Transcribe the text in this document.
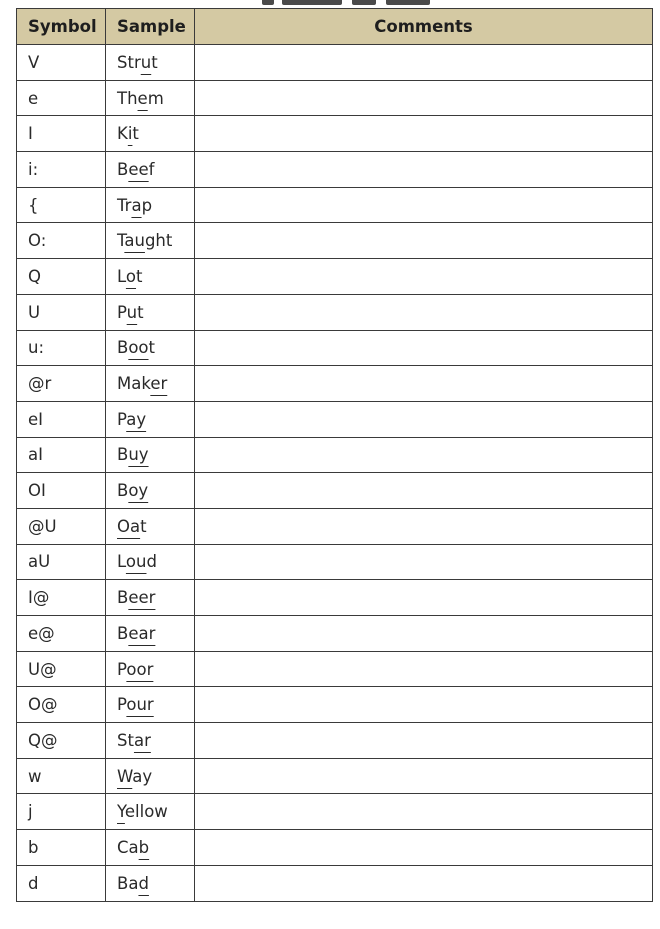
Symbol	Sample	Comments
V	Strut	
e	Them	
I	Kit	
i:	Beef	
{	Trap	
O:	Taught	
Q	Lot	
U	Put	
u:	Boot	
@r	Maker	
eI	Pay	
aI	Buy	
OI	Boy	
@U	Oat	
aU	Loud	
I@	Beer	
e@	Bear	
U@	Poor	
O@	Pour	
Q@	Star	
w	Way	
j	Yellow	
b	Cab	
d	Bad	
